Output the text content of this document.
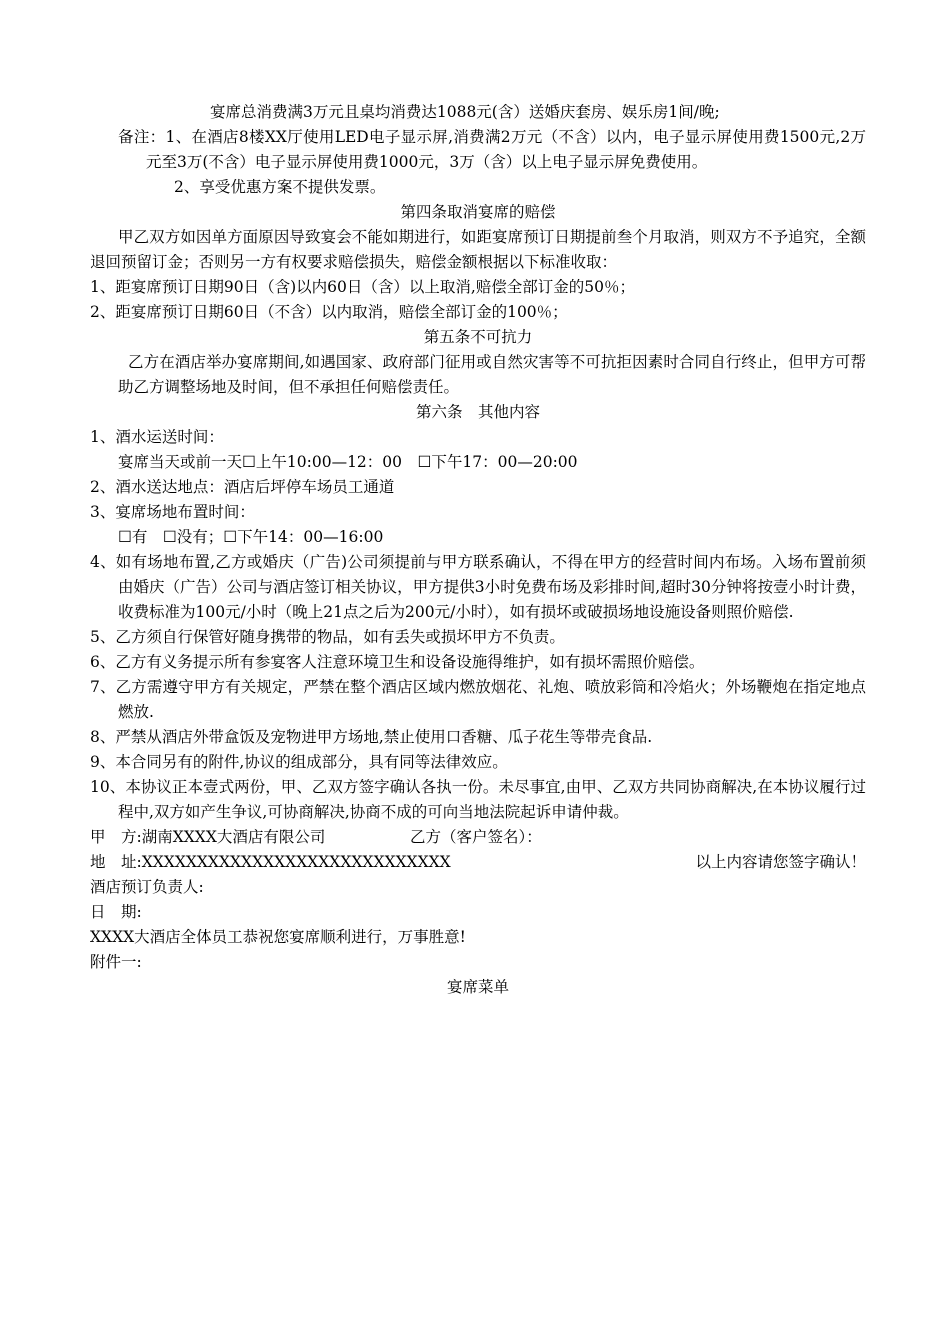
宴席总消费满3万元且桌均消费达1088元(含）送婚庆套房、娱乐房1间/晚;
备注：1、在酒店8楼XX厅使用LED电子显示屏,消费满2万元（不含）以内，电子显示屏使用费1500元,2万元至3万(不含）电子显示屏使用费1000元，3万（含）以上电子显示屏免费使用。
2、享受优惠方案不提供发票。
第四条取消宴席的赔偿
甲乙双方如因单方面原因导致宴会不能如期进行，如距宴席预订日期提前叁个月取消，则双方不予追究，全额退回预留订金；否则另一方有权要求赔偿损失，赔偿金额根据以下标准收取：
1、距宴席预订日期90日（含)以内60日（含）以上取消,赔偿全部订金的50％；
2、距宴席预订日期60日（不含）以内取消，赔偿全部订金的100％；
第五条不可抗力
乙方在酒店举办宴席期间,如遇国家、政府部门征用或自然灾害等不可抗拒因素时合同自行终止，但甲方可帮助乙方调整场地及时间，但不承担任何赔偿责任。
第六条　其他内容
1、酒水运送时间：
宴席当天或前一天☐上午10:00—12：00　☐下午17：00—20:00
2、酒水送达地点：酒店后坪停车场员工通道
3、宴席场地布置时间：
☐有　☐没有；☐下午14：00—16:00
4、如有场地布置,乙方或婚庆（广告)公司须提前与甲方联系确认，不得在甲方的经营时间内布场。入场布置前须由婚庆（广告）公司与酒店签订相关协议，甲方提供3小时免费布场及彩排时间,超时30分钟将按壹小时计费，收费标准为100元/小时（晚上21点之后为200元/小时），如有损坏或破损场地设施设备则照价赔偿.
5、乙方须自行保管好随身携带的物品，如有丢失或损坏甲方不负责。
6、乙方有义务提示所有参宴客人注意环境卫生和设备设施得维护，如有损坏需照价赔偿。
7、乙方需遵守甲方有关规定，严禁在整个酒店区域内燃放烟花、礼炮、喷放彩筒和冷焰火；外场鞭炮在指定地点燃放.
8、严禁从酒店外带盒饭及宠物进甲方场地,禁止使用口香糖、瓜子花生等带壳食品.
9、本合同另有的附件,协议的组成部分，具有同等法律效应。
10、本协议正本壹式两份，甲、乙双方签字确认各执一份。未尽事宜,由甲、乙双方共同协商解决,在本协议履行过程中,双方如产生争议,可协商解决,协商不成的可向当地法院起诉申请仲裁。
甲　方:湖南XXXX大酒店有限公司	乙方（客户签名）：
地　址:XXXXXXXXXXXXXXXXXXXXXXXXXXXX	以上内容请您签字确认！
酒店预订负责人:
日　期:
XXXX大酒店全体员工恭祝您宴席顺利进行，万事胜意!
附件一:
宴席菜单
